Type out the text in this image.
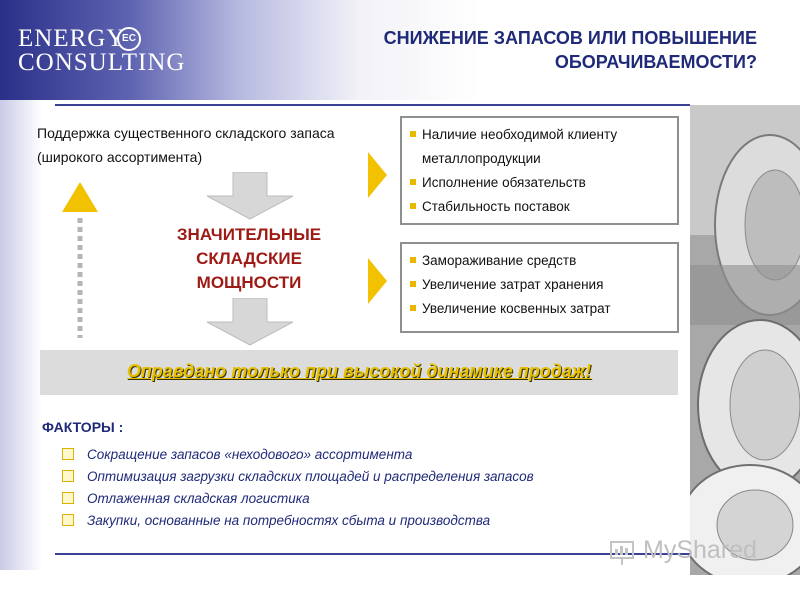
ENERGY
CONSULTING
EC	СНИЖЕНИЕ ЗАПАСОВ ИЛИ ПОВЫШЕНИЕ
ОБОРАЧИВАЕМОСТИ?
Поддержка существенного складского запаса (широкого ассортимента)
ЗНАЧИТЕЛЬНЫЕ
СКЛАДСКИЕ
МОЩНОСТИ
Наличие необходимой клиенту металлопродукции
Исполнение обязательств
Стабильность поставок
Замораживание средств
Увеличение затрат хранения
Увеличение косвенных затрат
Оправдано только при высокой динамике продаж!
ФАКТОРЫ :
Сокращение запасов «неходового» ассортимента
Оптимизация загрузки складских площадей и распределения запасов
Отлаженная складская логистика
Закупки, основанные на потребностях сбыта и производства
MyShared
